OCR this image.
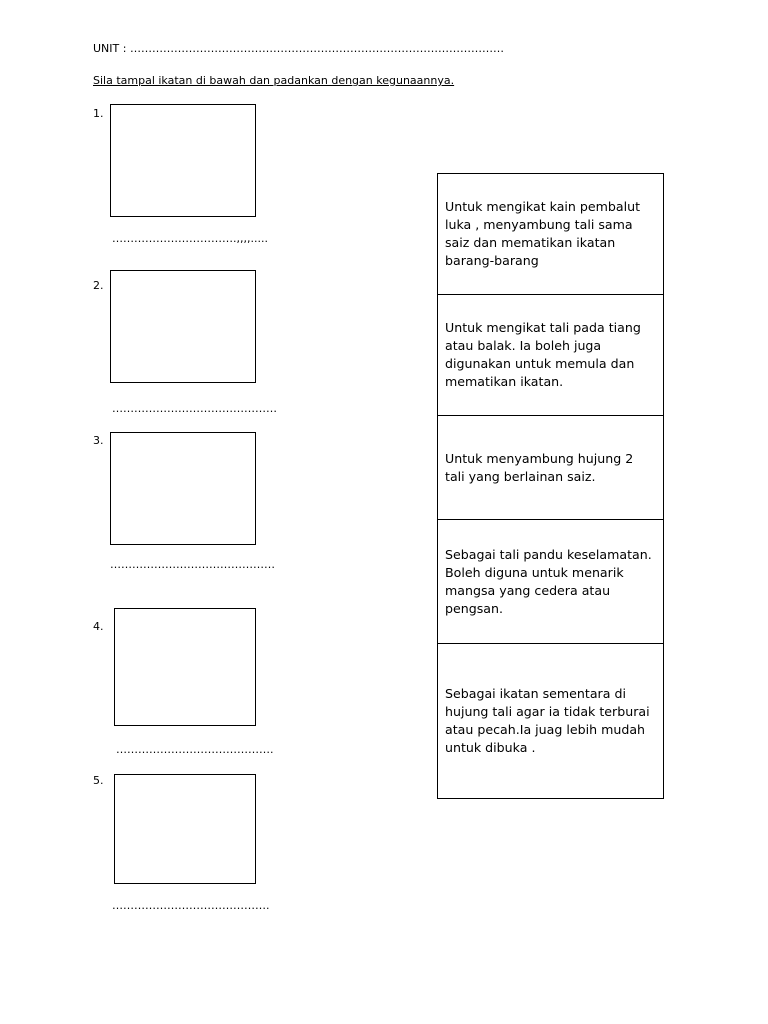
UNIT : …………………………………………………………………………………………
Sila tampal ikatan di bawah dan padankan dengan kegunaannya.
1.
…………………………….,,,,.....
2.
………………………………………
3.
………………………………………
4.
…………………………………….
5.
…………………………………….
Untuk mengikat kain pembalut luka , menyambung tali sama saiz dan mematikan ikatan barang-barang
Untuk mengikat tali pada tiang atau balak. Ia boleh juga digunakan untuk memula dan mematikan ikatan.
Untuk menyambung hujung 2 tali yang berlainan saiz.
Sebagai tali pandu keselamatan. Boleh diguna untuk menarik mangsa yang cedera atau pengsan.
Sebagai ikatan sementara di hujung tali agar ia tidak terburai atau pecah.Ia juag lebih mudah untuk dibuka .
